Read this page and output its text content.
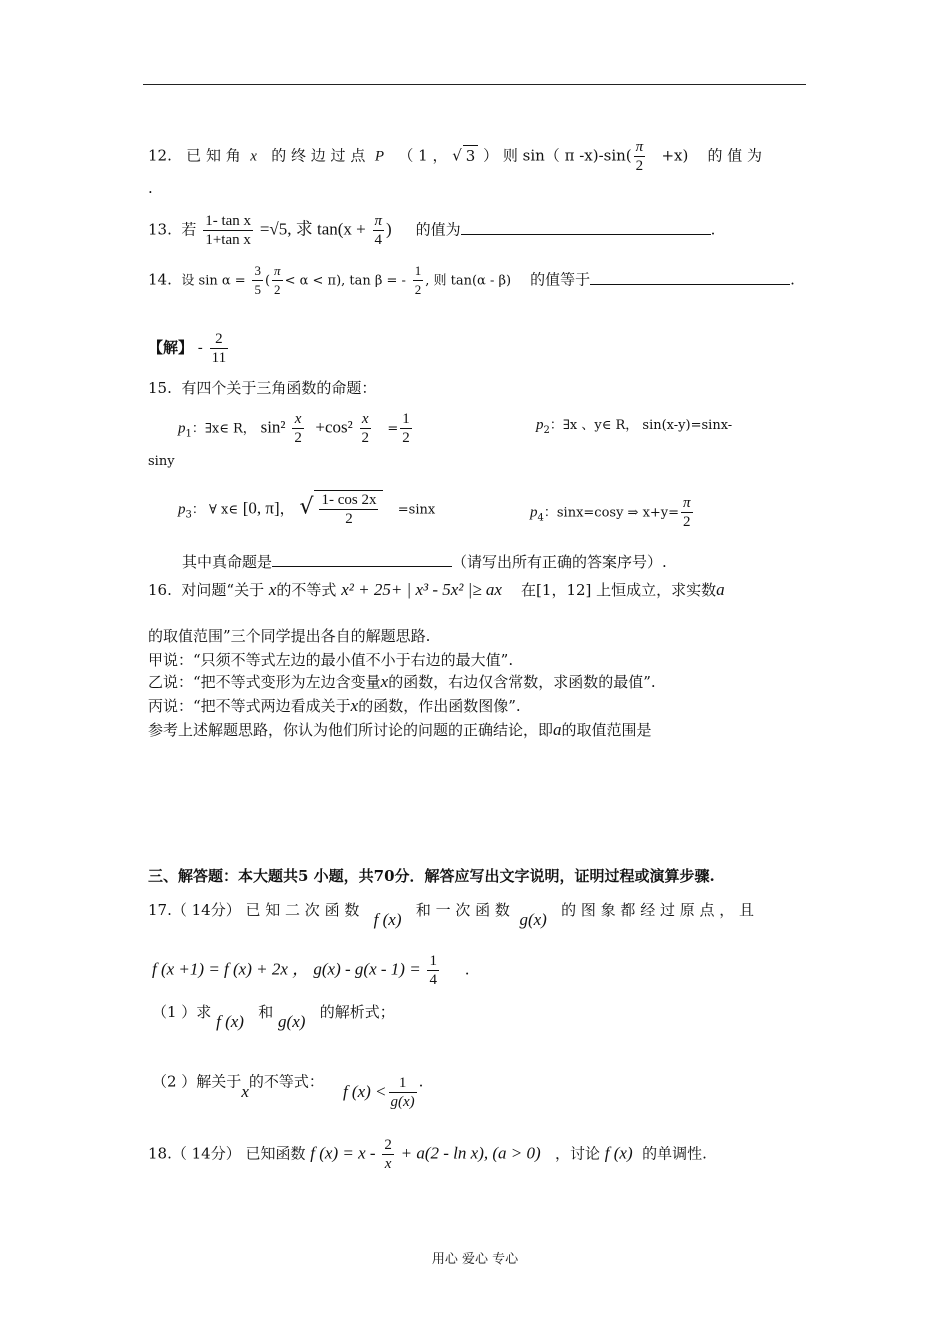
12. 已 知 角 x 的 终 边 过 点 P （ 1 ， √ 3 ） 则 sin（ π $-x)-\sin( \frac{\pi}{2} +x)$ 的 值 为
.
13. 若 $\frac{\text{1- tan x}}{\text{1+tan x}} =√5$, 求 $\tan(x + \frac{\pi}{4}$ ) 的值为	.
14. 设 $\sin \alpha = \frac{3}{5}$ ( $\frac{\pi}{2} < \alpha < \pi$), tan β = - $\frac{1}{2}$ , 则 tan(α - β) 的值等于	.
【解】 - $\frac{2}{11}$
15. 有四个关于三角函数的命题：
$p_1$：∃x∈ R， $\sin^2 \frac{x}{2} +\cos^2 \frac{x}{2} = \frac{1}{2}$	$p_2$：∃x 、y∈ R， sin(x-y)=sinx-
siny
$p_3$： ∀ x∈ [0, π]， √ $\frac{1- \cos 2x}{2} =\sin x$	$p_4$：sinx=cosy ⇒ $x+y= \frac{\pi}{2}$
其中真命题是	（请写出所有正确的答案序号）.
16. 对问题“关于 x的不等式 x² + 25+ | x³ - 5x² |≥ ax 在[1，12] 上恒成立，求实数a
的取值范围”三个同学提出各自的解题思路.
甲说：“只须不等式左边的最小值不小于右边的最大值”.
乙说：“把不等式变形为左边含变量x的函数，右边仅含常数，求函数的最值”.
丙说：“把不等式两边看成关于x的函数，作出函数图像”.
参考上述解题思路，你认为他们所讨论的问题的正确结论，即a的取值范围是
三、解答题：本大题共5 小题，共70分．解答应写出文字说明，证明过程或演算步骤.
17.（ 14分） 已 知 二 次 函 数 f (x) 和 一 次 函 数 g(x) 的 图 象 都 经 过 原 点 ， 且
f (x +1) = f (x) + 2x ， $g(x) - g(x - 1) = \frac{1}{4}$ .
（1 ）求 f (x) 和 g(x) 的解析式；
（2 ）解关于x的不等式： f $(x) < \frac{1}{g(x)}$ .
18.（ 14分） 已知函数 f $(x) = x - \frac{2}{x} + a(2 - \ln x)$, (a > 0) ，讨论 f (x) 的单调性.
用心 爱心 专心
